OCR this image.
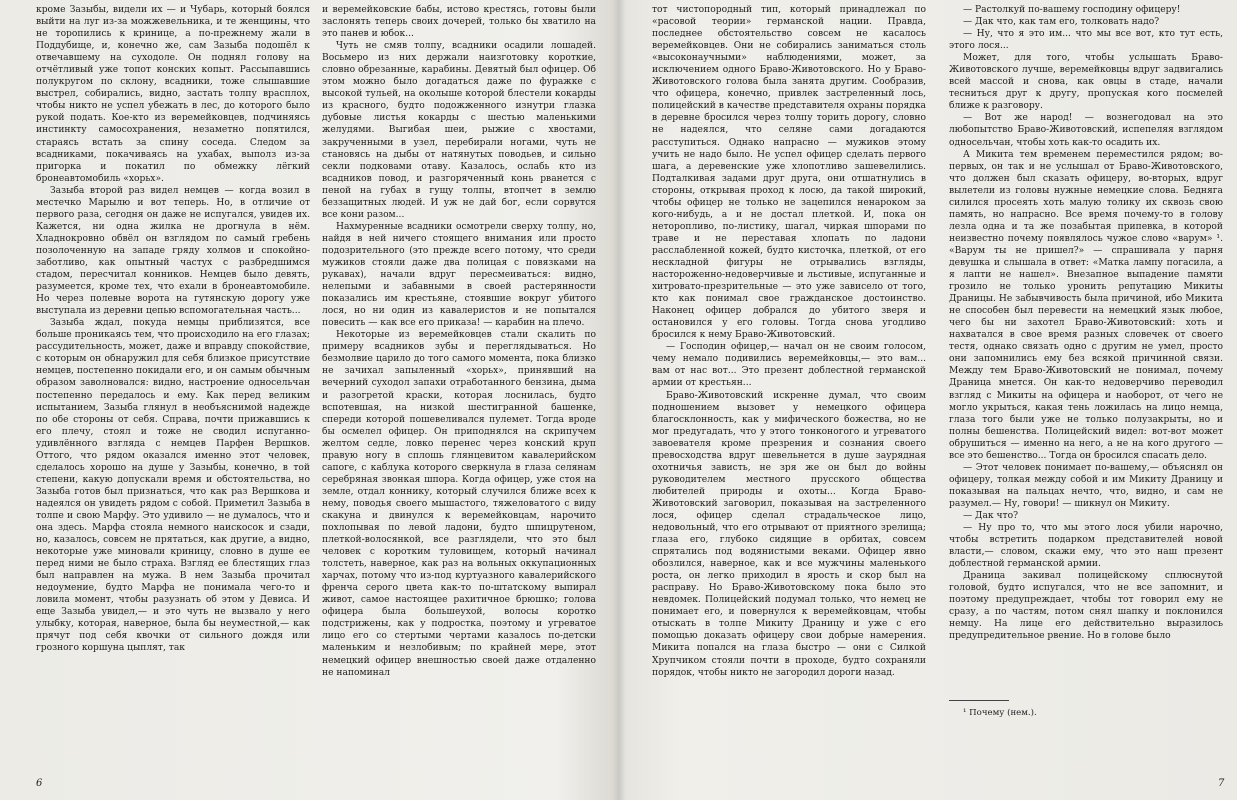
кроме Зазыбы, видели их — и Чубарь, который боялся выйти на луг из-за можжевельника, и те женщины, что не торопились к кринице, а по-прежнему жали в Поддубище, и, конечно же, сам Зазыба подошёл к отвечавшему на суходоле. Он поднял голову на отчётливый уже топот конских копыт. Рассыпавшись полукругом по склону, всадники, тоже слышавшие выстрел, собирались, видно, застать толпу врасплох, чтобы никто не успел убежать в лес, до которого было рукой подать. Кое-кто из веремейковцев, подчиняясь инстинкту самосохранения, незаметно попятился, стараясь встать за спину соседа. Следом за всадниками, покачиваясь на ухабах, выполз из-за пригорка и покатил по обмежку лёгкий бронеавтомобиль «хорьх».

Зазыба второй раз видел немцев — когда возил в местечко Марылю и вот теперь. Но, в отличие от первого раза, сегодня он даже не испугался, увидев их. Кажется, ни одна жилка не дрогнула в нём. Хладнокровно обвёл он взглядом по самый гребень позолоченную на западе гряду холмов и спокойно-заботливо, как опытный частух с разбредшимся стадом, пересчитал конников. Немцев было девять, разумеется, кроме тех, что ехали в бронеавтомобиле. Но через полевые ворота на гутянскую дорогу уже выступала из деревни цепью вспомогательная часть...

Зазыба ждал, покуда немцы приблизятся, все больше проникаясь тем, что происходило на его глазах; рассудительность, может, даже и вправду спокойствие, с которым он обнаружил для себя близкое присутствие немцев, постепенно покидали его, и он самым обычным образом заволновался: видно, настроение односельчан постепенно передалось и ему. Как перед великим испытанием, Зазыба глянул в необъяснимой надежде по обе стороны от себя. Справа, почти прижавшись к его плечу, стоял и тоже не сводил испуганно-удивлённого взгляда с немцев Парфен Вершков. Оттого, что рядом оказался именно этот человек, сделалось хорошо на душе у Зазыбы, конечно, в той степени, какую допускали время и обстоятельства, но Зазыба готов был признаться, что как раз Вершкова и надеялся он увидеть рядом с собой. Приметил Зазыба в толпе и свою Марфу. Это удивило — не думалось, что и она здесь. Марфа стояла немного наискосок и сзади, но, казалось, совсем не прятаться, как другие, а видно, некоторые уже миновали криницу, словно в душе ее перед ними не было страха. Взгляд ее блестящих глаз был направлен на мужа. В нем Зазыба прочитал недоумение, будто Марфа не понимала чего-то и ловила момент, чтобы разузнать об этом у Девиса. И еще Зазыба увидел,— и это чуть не вызвало у него улыбку, которая, наверное, была бы неуместной,— как прячут под себя квочки от сильного дождя или грозного коршуна цыплят, так

и веремейковские бабы, истово крестясь, готовы были заслонять теперь своих дочерей, только бы хватило на это панев и юбок...

Чуть не смяв толпу, всадники осадили лошадей. Восьмеро из них держали наизготовку короткие, словно обрезанные, карабины. Девятый был офицер. Об этом можно было догадаться даже по фуражке с высокой тульей, на околыше которой блестели кокарды из красного, будто подожженного изнутри глазка дубовые листья кокарды с шестью маленькими желудями. Выгибая шеи, рыжие с хвостами, закрученными в узел, перебирали ногами, чуть не становясь на дыбы от натянутых поводьев, и сильно секли подковами отаву. Казалось, ослабь кто из всадников повод, и разгоряченный конь рванется с пеной на губах в гущу толпы, втопчет в землю беззащитных людей. И уж не дай бог, если сорвутся все кони разом...

Нахмуренные всадники осмотрели сверху толпу, но, найдя в ней ничего стоящего внимания или просто подозрительного (это прежде всего потому, что среди мужиков стояли даже два полицая с повязками на рукавах), начали вдруг пересмеиваться: видно, нелепыми и забавными в своей растерянности показались им крестьяне, стоявшие вокруг убитого лося, но ни один из кавалеристов и не попытался повесить — как все его приказа! — карабин на плечо.

Некоторые из веремейковцев стали скалить по примеру всадников зубы и переглядываться. Но безмолвие царило до того самого момента, пока близко не зачихал запыленный «хорьх», принявший на вечерний суходол запахи отработанного бензина, дыма и разогретой краски, которая лоснилась, будто вспотевшая, на низкой шестигранной башенке, спереди которой пошевеливался пулемет. Тогда вроде бы осмелел офицер. Он приподнялся на скрипучем желтом седле, ловко перенес через конский круп правую ногу в сплошь глянцевитом кавалерийском сапоге, с каблука которого сверкнула в глаза селянам серебряная звонкая шпора. Когда офицер, уже стоя на земле, отдал коннику, который случился ближе всех к нему, поводья своего мышастого, тяжеловатого с виду скакуна и двинулся к веремейковцам, нарочито похлопывая по левой ладони, будто шпицрутеном, плеткой-волосянкой, все разглядели, что это был человек с коротким туловищем, который начинал толстеть, наверное, как раз на вольных оккупационных харчах, потому что из-под куртуазного кавалерийского френча серого цвета как-то по-штатскому выпирал живот, самое настоящее рахитичное брюшко; голова офицера была большеухой, волосы коротко подстрижены, как у подростка, поэтому и угреватое лицо его со стертыми чертами казалось по-детски маленьким и незлобивым; по крайней мере, этот немецкий офицер внешностью своей даже отдаленно не напоминал

6

тот чистопородный тип, который принадлежал по «расовой теории» германской нации. Правда, последнее обстоятельство совсем не касалось веремейковцев. Они не собирались заниматься столь «высоконаучными» наблюдениями, может, за исключением одного Браво-Животовского. Но у Браво-Животовского голова была занята другим. Сообразив, что офицера, конечно, привлек застреленный лось, полицейский в качестве представителя охраны порядка в деревне бросился через толпу торить дорогу, словно не надеялся, что селяне сами догадаются расступиться. Однако напрасно — мужиков этому учить не надо было. Не успел офицер сделать первого шага, а деревенские уже хлопотливо зашевелились. Подталкивая задами друг друга, они отшатнулись в стороны, открывая проход к лосю, да такой широкий, чтобы офицер не только не зацепился ненароком за кого-нибудь, а и не достал плеткой. И, пока он неторопливо, по-листику, шагал, чиркая шпорами по траве и не переставая хлопать по ладони расслабленной кожей, будто кисточка, плеткой, от его нескладной фигуры не отрывались взгляды, настороженно-недоверчивые и льстивые, испуганные и хитровато-презрительные — это уже зависело от того, кто как понимал свое гражданское достоинство. Наконец офицер добрался до убитого зверя и остановился у его головы. Тогда снова угодливо бросился к нему Браво-Животовский.

— Господин офицер,— начал он не своим голосом, чему немало подивились веремейковцы,— это вам... вам от нас вот... Это презент доблестной германской армии от крестьян...

Браво-Животовский искренне думал, что своим подношением вызовет у немецкого офицера благосклонность, как у мифического божества, но не мог предугадать, что у этого тонконогого и угреватого завоевателя кроме презрения и сознания своего превосходства вдруг шевельнется в душе заурядная охотничья зависть, не зря же он был до войны руководителем местного прусского общества любителей природы и охоты... Когда Браво-Животовский заговорил, показывая на застреленного лося, офицер сделал страдальческое лицо, недовольный, что его отрывают от приятного зрелища; глаза его, глубоко сидящие в орбитах, совсем спрятались под водянистыми веками. Офицер явно обозлился, наверное, как и все мужчины маленького роста, он легко приходил в ярость и скор был на расправу. Но Браво-Животовскому пока было это невдомек. Полицейский подумал только, что немец не понимает его, и повернулся к веремейковцам, чтобы отыскать в толпе Микиту Драницу и уже с его помощью доказать офицеру свои добрые намерения. Микита попался на глаза быстро — они с Силкой Хрупчиком стояли почти в проходе, будто сохраняли порядок, чтобы никто не загородил дороги назад.

— Растолкуй по-вашему господину офицеру!

— Дак что, как там его, толковать надо?

— Ну, что я это им... что мы все вот, кто тут есть, этого лося...

Может, для того, чтобы услышать Браво-Животовского лучше, веремейковцы вдруг задвигались всей массой и снова, как овцы в стаде, начали тесниться друг к другу, пропуская кого посмелей ближе к разговору.

— Вот же народ! — вознегодовал на это любопытство Браво-Животовский, испепеляя взглядом односельчан, чтобы хоть как-то осадить их.

А Микита тем временем переместился рядом; во-первых, он так и не услышал от Браво-Животовского, что должен был сказать офицеру, во-вторых, вдруг вылетели из головы нужные немецкие слова. Бедняга силился просеять хоть малую толику их сквозь свою память, но напрасно. Все время почему-то в голову лезла одна и та же позабытая припевка, в которой неизвестно почему появлялось чужое слово «варум» ¹. «Варум ты не пришел?» — спрашивала у парня девушка и слышала в ответ: «Матка лампу погасила, а я лапти не нашел». Внезапное выпадение памяти грозило не только уронить репутацию Микиты Драницы. Не забывчивость была причиной, ибо Микита не способен был перевести на немецкий язык любое, чего бы ни захотел Браво-Животовский: хоть и нахватался в свое время разных словечек от своего тестя, однако связать одно с другим не умел, просто они запомнились ему без всякой причинной связи. Между тем Браво-Животовский не понимал, почему Драница мнется. Он как-то недоверчиво переводил взгляд с Микиты на офицера и наоборот, от чего не могло укрыться, какая тень ложилась на лицо немца, глаза того были уже не только полузакрыты, но и полны бешенства. Полицейский видел: вот-вот может обрушиться — именно на него, а не на кого другого — все это бешенство... Тогда он бросился спасать дело.

— Этот человек понимает по-вашему,— объяснял он офицеру, толкая между собой и им Микиту Драницу и показывая на пальцах нечто, что, видно, и сам не разумел.— Ну, говори! — шикнул он Микиту.

— Дак что?

— Ну про то, что мы этого лося убили нарочно, чтобы встретить подарком представителей новой власти,— словом, скажи ему, что это наш презент доблестной германской армии.

Драница закивал полицейскому сплюснутой головой, будто испугался, что не все запомнит, и поэтому предупреждает, чтобы тот говорил ему не сразу, а по частям, потом снял шапку и поклонился немцу. На лице его действительно выразилось предупредительное рвение. Но в голове было

¹ Почему (нем.).
7
